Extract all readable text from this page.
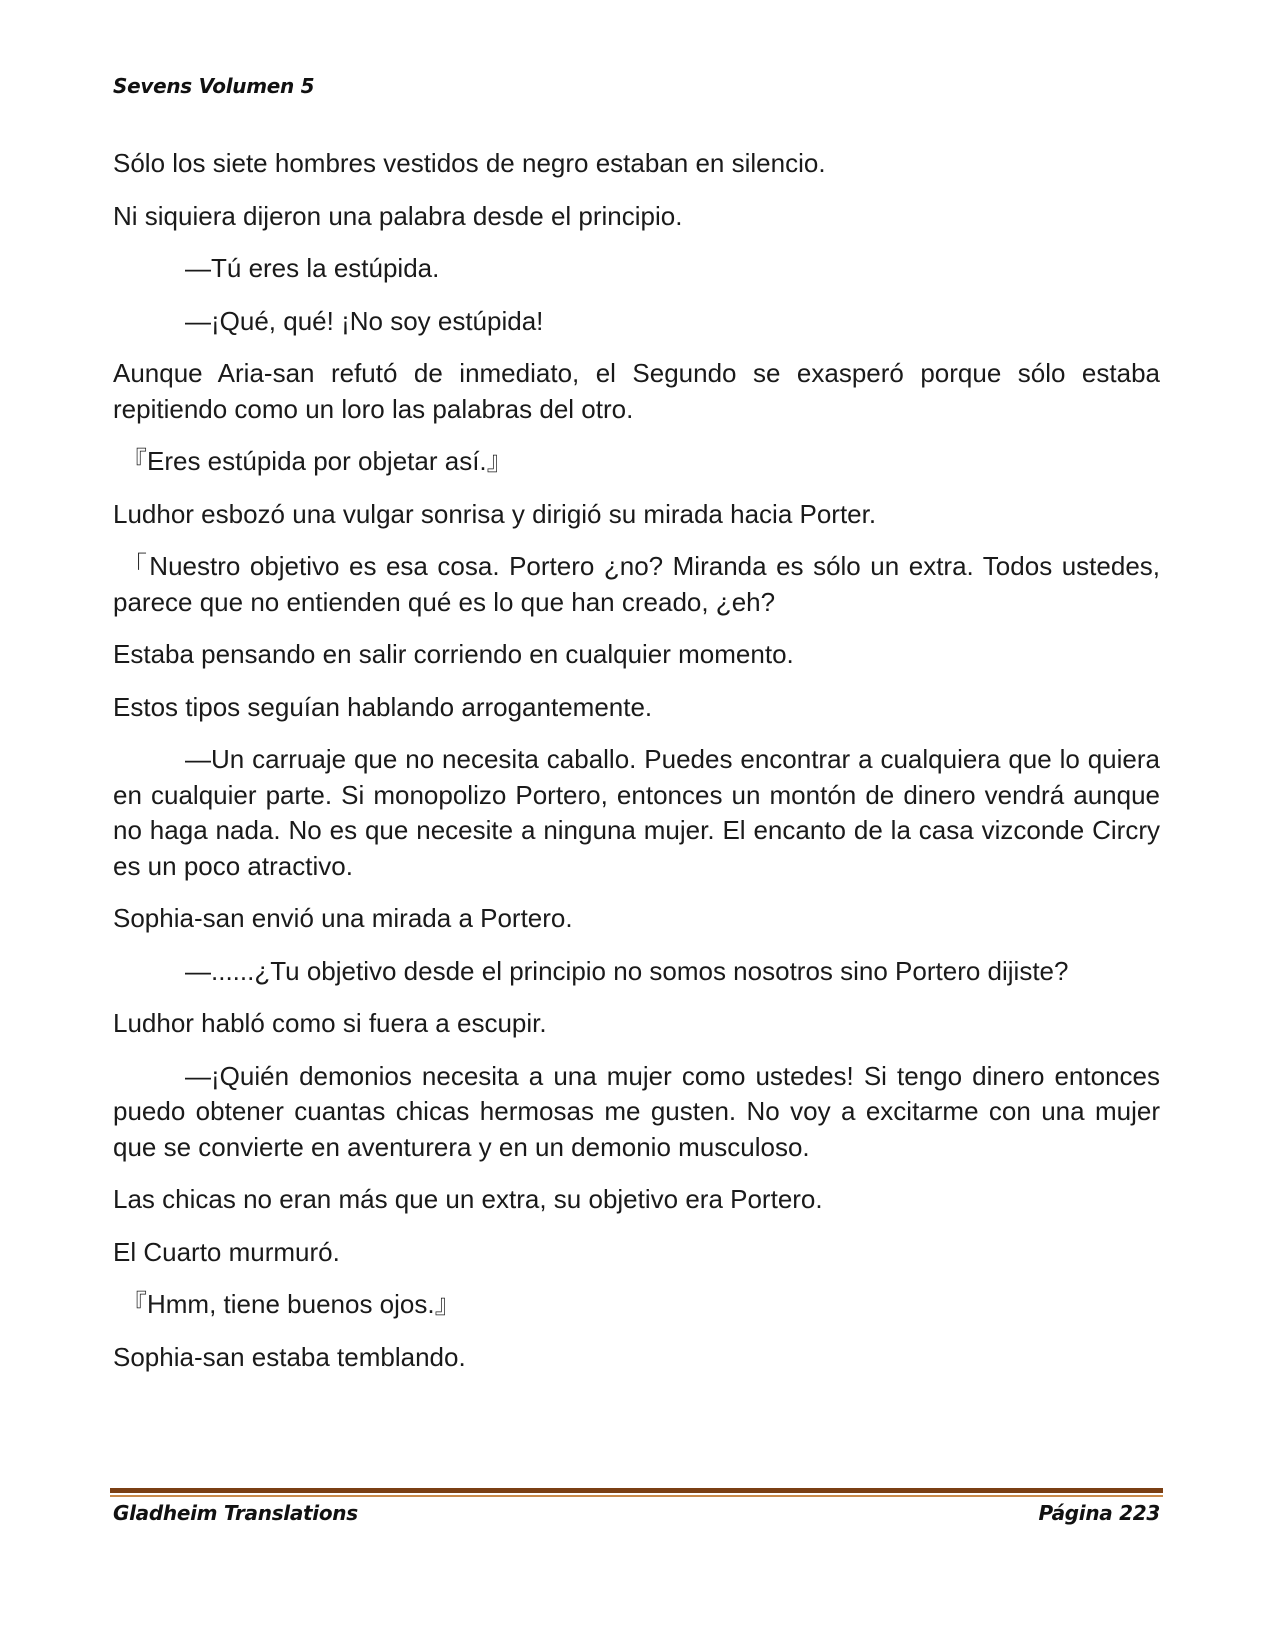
Sevens Volumen 5

Sólo los siete hombres vestidos de negro estaban en silencio.

Ni siquiera dijeron una palabra desde el principio.

—Tú eres la estúpida.

—¡Qué, qué! ¡No soy estúpida!

Aunque Aria-san refutó de inmediato, el Segundo se exasperó porque sólo estaba repitiendo como un loro las palabras del otro.

『Eres estúpida por objetar así.』

Ludhor esbozó una vulgar sonrisa y dirigió su mirada hacia Porter.

「Nuestro objetivo es esa cosa. Portero ¿no? Miranda es sólo un extra. Todos ustedes, parece que no entienden qué es lo que han creado, ¿eh?

Estaba pensando en salir corriendo en cualquier momento.

Estos tipos seguían hablando arrogantemente.

—Un carruaje que no necesita caballo. Puedes encontrar a cualquiera que lo quiera en cualquier parte. Si monopolizo Portero, entonces un montón de dinero vendrá aunque no haga nada. No es que necesite a ninguna mujer. El encanto de la casa vizconde Circry es un poco atractivo.

Sophia-san envió una mirada a Portero.

—......¿Tu objetivo desde el principio no somos nosotros sino Portero dijiste?

Ludhor habló como si fuera a escupir.

—¡Quién demonios necesita a una mujer como ustedes! Si tengo dinero entonces puedo obtener cuantas chicas hermosas me gusten. No voy a excitarme con una mujer que se convierte en aventurera y en un demonio musculoso.

Las chicas no eran más que un extra, su objetivo era Portero.

El Cuarto murmuró.

『Hmm, tiene buenos ojos.』

Sophia-san estaba temblando.

Gladheim Translations	Página 223
